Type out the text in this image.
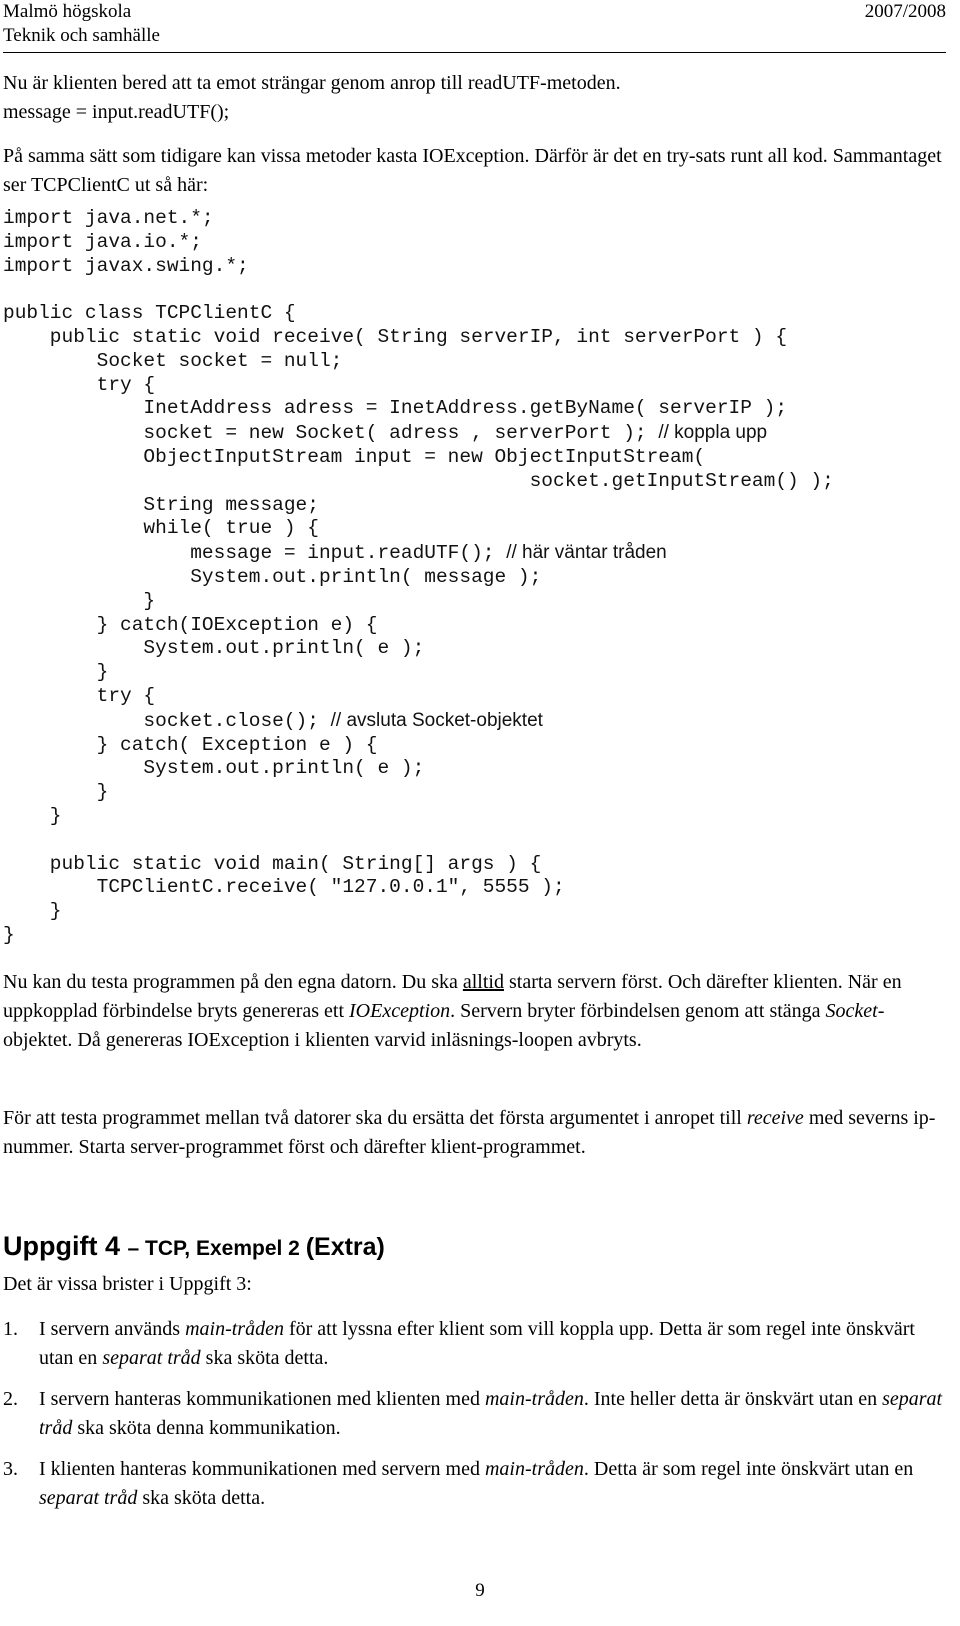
Malmö högskola
Teknik och samhälle
2007/2008

Nu är klienten bered att ta emot strängar genom anrop till readUTF-metoden.
message = input.readUTF();

På samma sätt som tidigare kan vissa metoder kasta IOException. Därför är det en try-sats runt all kod. Sammantaget ser TCPClientC ut så här:

import java.net.*;
import java.io.*;
import javax.swing.*;

public class TCPClientC {
public static void receive( String serverIP, int serverPort ) {
Socket socket = null;
try {
InetAddress adress = InetAddress.getByName( serverIP );
socket = new Socket( adress , serverPort ); // koppla upp
ObjectInputStream input = new ObjectInputStream(
socket.getInputStream() );
String message;
while( true ) {
message = input.readUTF(); // här väntar tråden
System.out.println( message );
}
} catch(IOException e) {
System.out.println( e );
}
try {
socket.close(); // avsluta Socket-objektet
} catch( Exception e ) {
System.out.println( e );
}
}

public static void main( String[] args ) {
TCPClientC.receive( "127.0.0.1", 5555 );
}
}

Nu kan du testa programmen på den egna datorn. Du ska alltid starta servern först. Och därefter klienten. När en uppkopplad förbindelse bryts genereras ett IOException. Servern bryter förbindelsen genom att stänga Socket-objektet. Då genereras IOException i klienten varvid inläsnings-loopen avbryts.

För att testa programmet mellan två datorer ska du ersätta det första argumentet i anropet till receive med severns ip-nummer. Starta server-programmet först och därefter klient-programmet.

Uppgift 4 – TCP, Exempel 2 (Extra)

Det är vissa brister i Uppgift 3:

1. I servern används main-tråden för att lyssna efter klient som vill koppla upp. Detta är som regel inte önskvärt utan en separat tråd ska sköta detta.
2. I servern hanteras kommunikationen med klienten med main-tråden. Inte heller detta är önskvärt utan en separat tråd ska sköta denna kommunikation.
3. I klienten hanteras kommunikationen med servern med main-tråden. Detta är som regel inte önskvärt utan en separat tråd ska sköta detta.
9
